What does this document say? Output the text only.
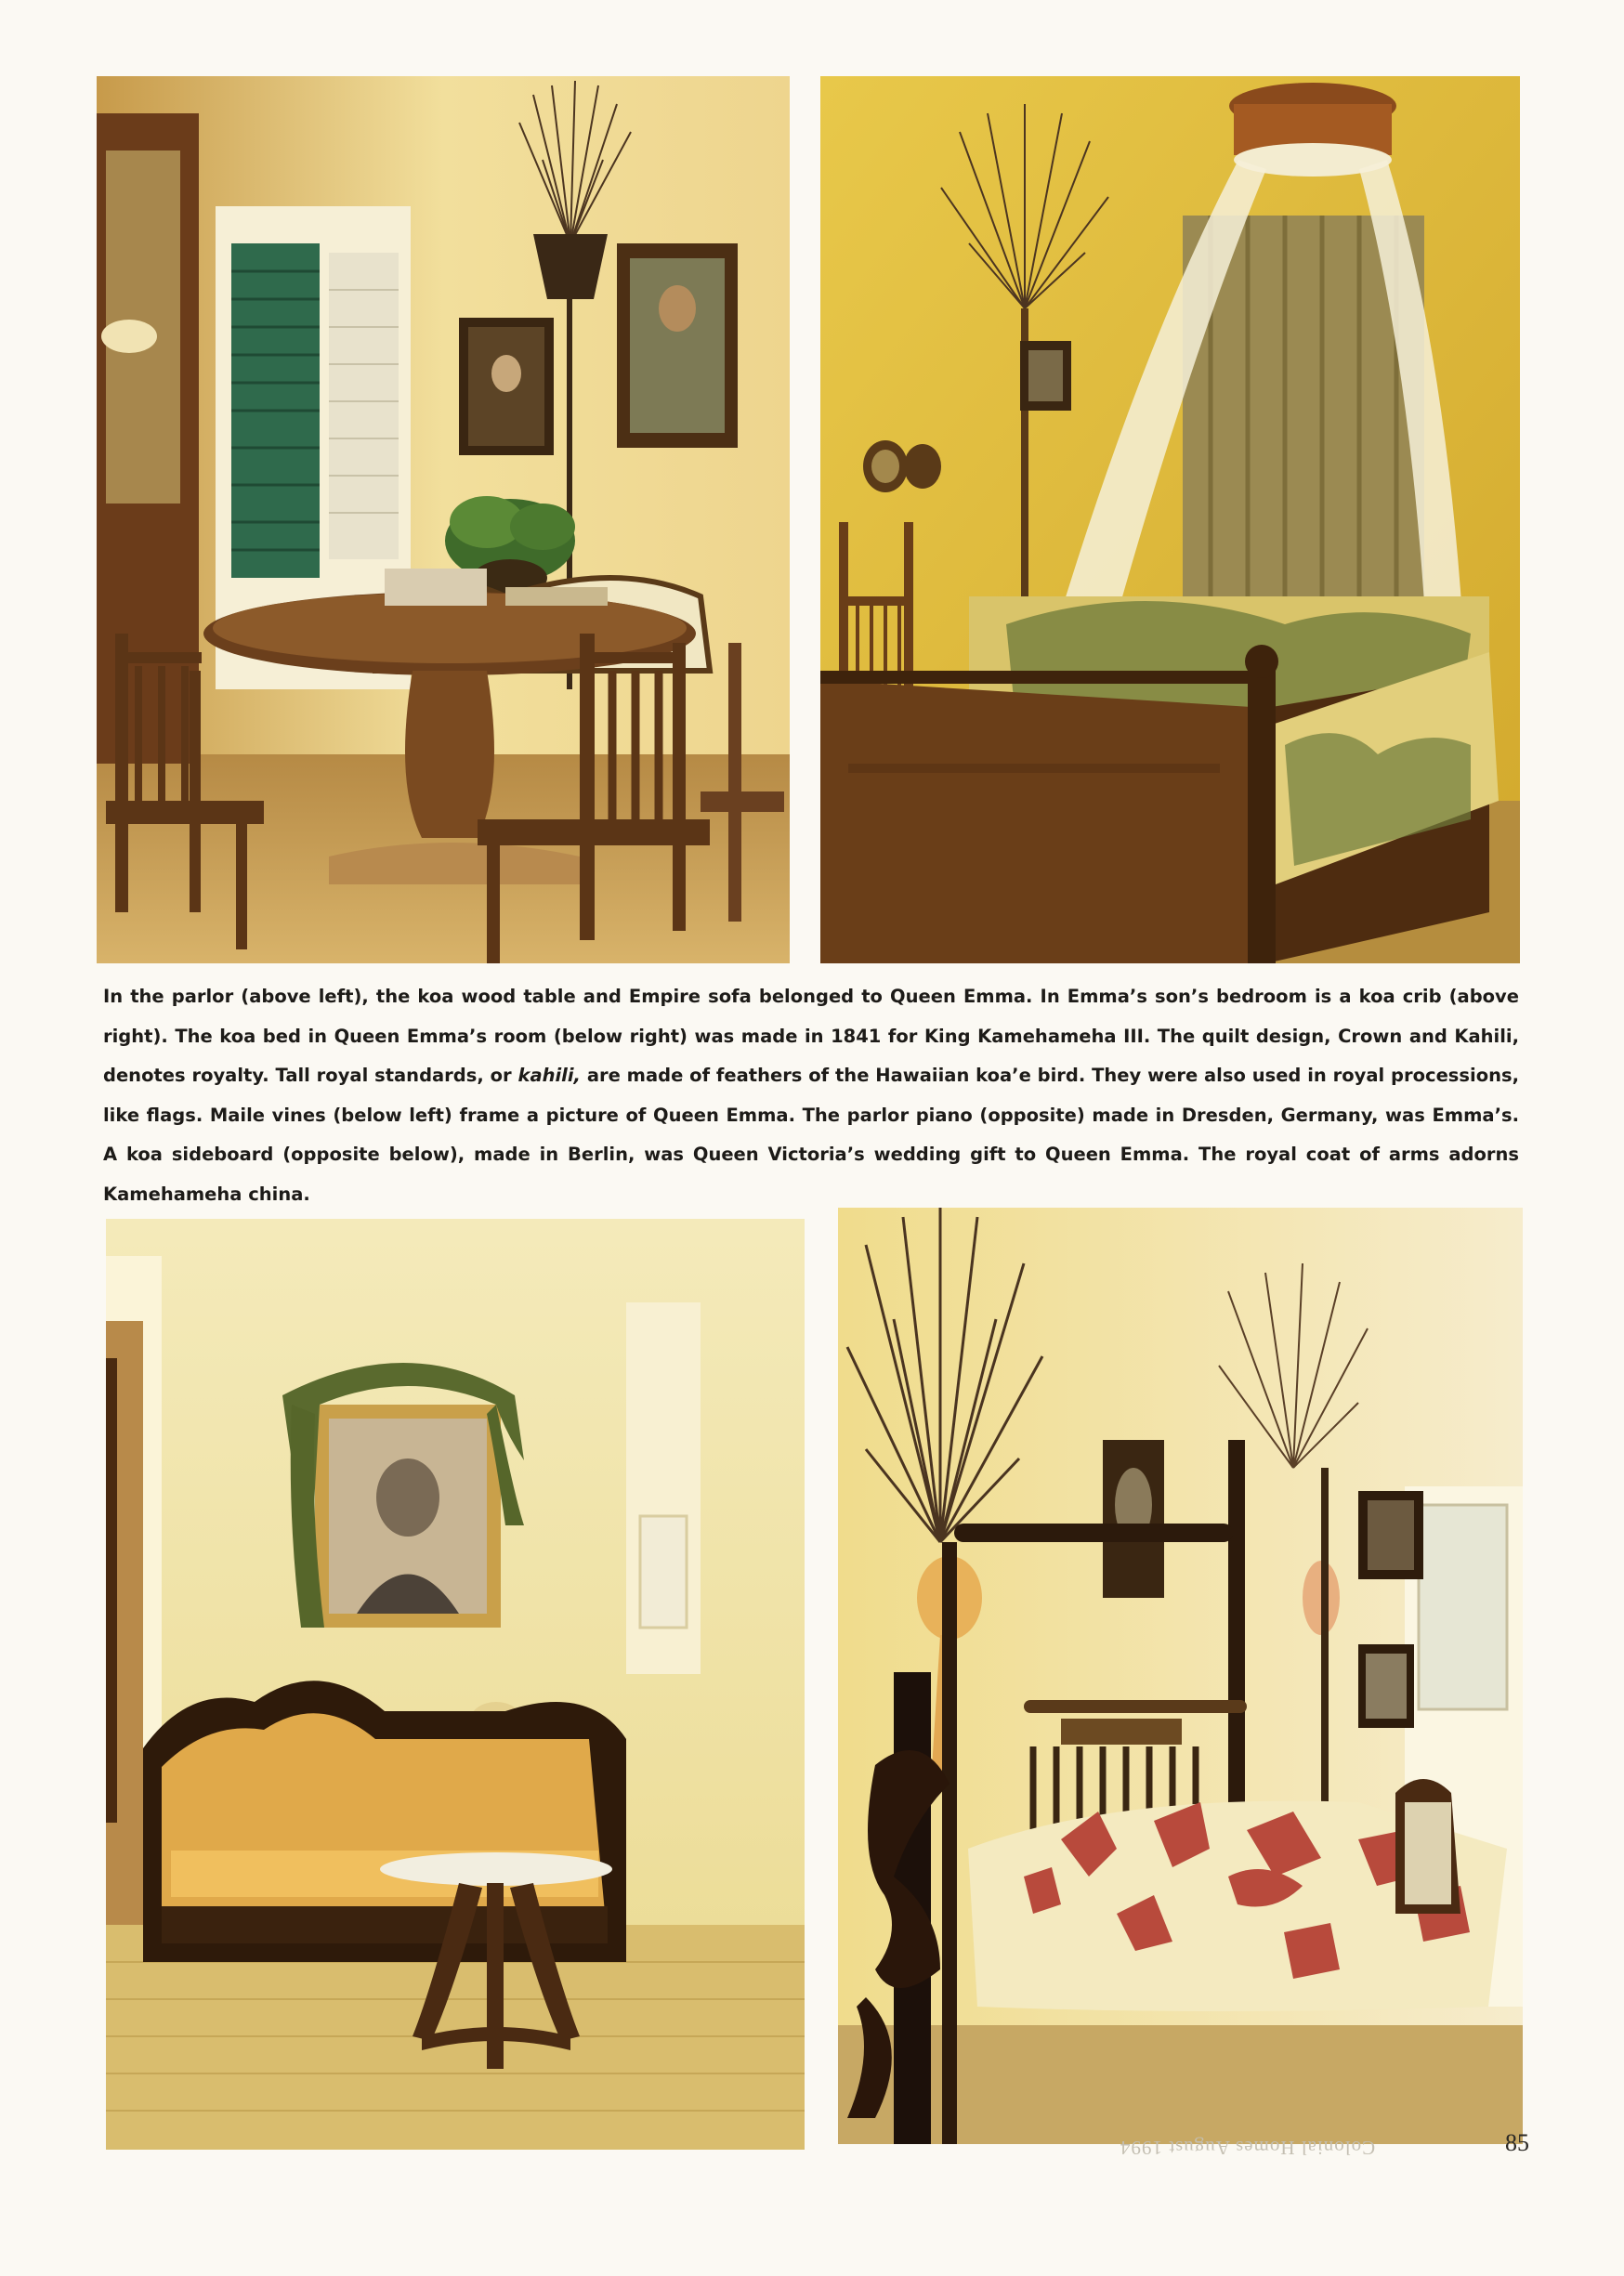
In the parlor (above left), the koa wood table and Empire sofa belonged to Queen Emma. In Emma’s son’s bedroom is a koa crib (above right). The koa bed in Queen Emma’s room (below right) was made in 1841 for King Kamehameha III. The quilt design, Crown and Kahili, denotes royalty. Tall royal standards, or kahili, are made of feathers of the Hawaiian koa’e bird. They were also used in royal processions, like flags. Maile vines (below left) frame a picture of Queen Emma. The parlor piano (opposite) made in Dresden, Germany, was Emma’s. A koa sideboard (opposite below), made in Berlin, was Queen Victoria’s wedding gift to Queen Emma. The royal coat of arms adorns Kamehameha china.

Colonial Homes August 1994	85
